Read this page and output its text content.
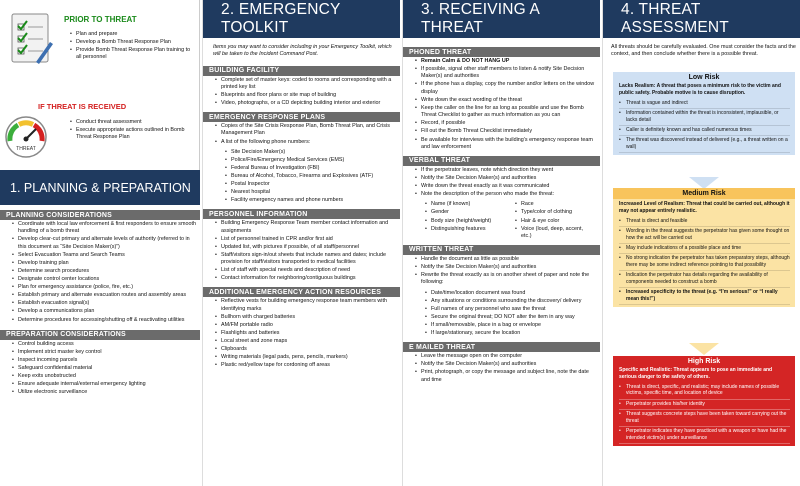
PRIOR TO THREAT
• Plan and prepare
• Develop a Bomb Threat Response Plan
• Provide Bomb Threat Response Plan training to all personnel
IF THREAT IS RECEIVED
THREAT
• Conduct threat assessment
• Execute appropriate actions outlined in Bomb Threat Response Plan
1. PLANNING & PREPARATION
PLANNING CONSIDERATIONS
• Coordinate with local law enforcement & first responders to ensure smooth handling of a bomb threat
• Develop clear-cut primary and alternate levels of authority (referred to in this document as “Site Decision Maker(s)”)
• Select Evacuation Teams and Search Teams
• Develop training plan
• Determine search procedures
• Designate control center locations
• Plan for emergency assistance (police, fire, etc.)
• Establish primary and alternate evacuation routes and assembly areas
• Establish evacuation signal(s)
• Develop a communications plan
• Determine procedures for accessing/shutting off & reactivating utilities
PREPARATION CONSIDERATIONS
• Control building access
• Implement strict master key control
• Inspect incoming parcels
• Safeguard confidential material
• Keep exits unobstructed
• Ensure adequate internal/external emergency lighting
• Utilize electronic surveillance
2. EMERGENCY TOOLKIT
Items you may want to consider including in your Emergency Toolkit, which will be taken to the Incident Command Post.
BUILDING FACILITY
• Complete set of master keys: coded to rooms and corresponding with a printed key list
• Blueprints and floor plans or site map of building
• Video, photographs, or a CD depicting building interior and exterior
EMERGENCY RESPONSE PLANS
• Copies of the Site Crisis Response Plan, Bomb Threat Plan, and Crisis Management Plan
• A list of the following phone numbers:
• Site Decision Maker(s)
• Police/Fire/Emergency Medical Services (EMS)
• Federal Bureau of Investigation (FBI)
• Bureau of Alcohol, Tobacco, Firearms and Explosives (ATF)
• Postal Inspector
• Nearest hospital
• Facility emergency names and phone numbers
PERSONNEL INFORMATION
• Building Emergency Response Team member contact information and assignments
• List of personnel trained in CPR and/or first aid
• Updated list, with pictures if possible, of all staff/personnel
• Staff/visitors sign-in/out sheets that include names and dates; include provision for staff/visitors transported to medical facilities
• List of staff with special needs and description of need
• Contact information for neighboring/contiguous buildings
ADDITIONAL EMERGENCY ACTION RESOURCES
• Reflective vests for building emergency response team members with identifying marks
• Bullhorn with charged batteries
• AM/FM portable radio
• Flashlights and batteries
• Local street and zone maps
• Clipboards
• Writing materials (legal pads, pens, pencils, markers)
• Plastic red/yellow tape for cordoning off areas
3. RECEIVING A THREAT
PHONED THREAT
• Remain Calm & DO NOT HANG UP
• If possible, signal other staff members to listen & notify Site Decision Maker(s) and authorities
• If the phone has a display, copy the number and/or letters on the window display
• Write down the exact wording of the threat
• Keep the caller on the line for as long as possible and use the Bomb Threat Checklist to gather as much information as you can
• Record, if possible
• Fill out the Bomb Threat Checklist immediately
• Be available for interviews with the building’s emergency response team and law enforcement
VERBAL THREAT
• If the perpetrator leaves, note which direction they went
• Notify the Site Decision Maker(s) and authorities
• Write down the threat exactly as it was communicated
• Note the description of the person who made the threat:
• Name (if known)
• Gender
• Body size (height/weight)
• Distinguishing features
• Race
• Type/color of clothing
• Hair & eye color
• Voice (loud, deep, accent, etc.)
WRITTEN THREAT
• Handle the document as little as possible
• Notify the Site Decision Maker(s) and authorities
• Rewrite the threat exactly as is on another sheet of paper and note the following:
• Date/time/location document was found
• Any situations or conditions surrounding the discovery/ delivery
• Full names of any personnel who saw the threat
• Secure the original threat; DO NOT alter the item in any way
• If small/removable, place in a bag or envelope
• If large/stationary, secure the location
E MAILED THREAT
• Leave the message open on the computer
• Notify the Site Decision Maker(s) and authorities
• Print, photograph, or copy the message and subject line, note the date and time
4. THREAT ASSESSMENT
All threats should be carefully evaluated. One must consider the facts and the context, and then conclude whether there is a possible threat.
Low Risk
Lacks Realism: A threat that poses a minimum risk to the victim and public safety. Probable motive is to cause disruption.
• Threat is vague and indirect
• Information contained within the threat is inconsistent, implausible, or lacks detail
• Caller is definitely known and has called numerous times
• The threat was discovered instead of delivered (e.g., a threat written on a wall)
Medium Risk
Increased Level of Realism: Threat that could be carried out, although it may not appear entirely realistic.
• Threat is direct and feasible
• Wording in the threat suggests the perpetrator has given some thought on how the act will be carried out
• May include indications of a possible place and time
• No strong indication the perpetrator has taken preparatory steps, although there may be some indirect reference pointing to that possibility
• Indication the perpetrator has details regarding the availability of components needed to construct a bomb
• Increased specificity to the threat (e.g. “I’m serious!” or “I really mean this!”)
High Risk
Specific and Realistic: Threat appears to pose an immediate and serious danger to the safety of others.
• Threat is direct, specific, and realistic; may include names of possible victims, specific time, and location of device
• Perpetrator provides his/her identity
• Threat suggests concrete steps have been taken toward carrying out the threat
• Perpetrator indicates they have practiced with a weapon or have had the intended victim(s) under surveillance
